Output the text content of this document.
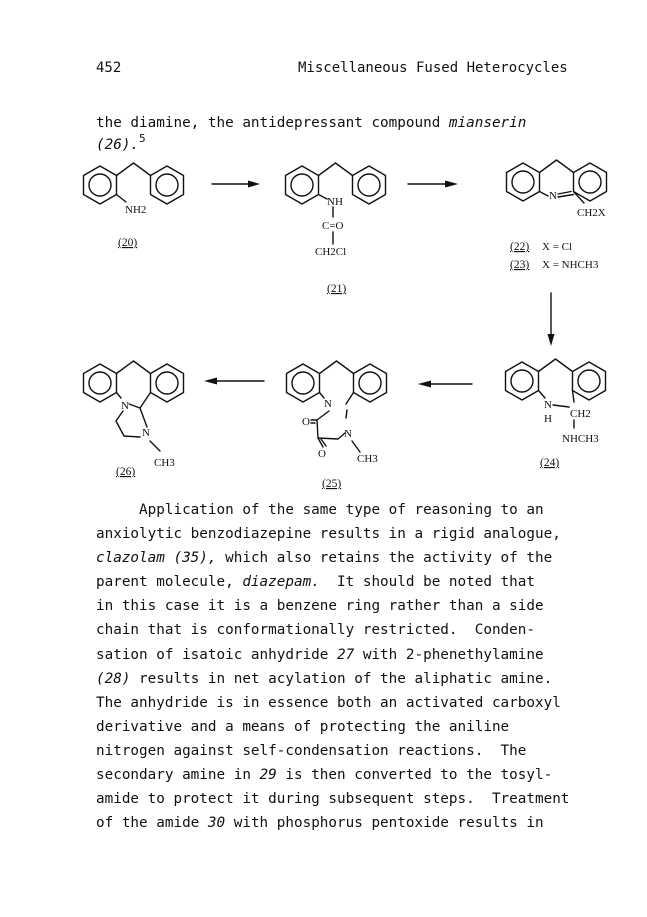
452	Miscellaneous Fused Heterocycles
the diamine, the antidepressant compound mianserin
(26).$^5$
NH2
NH
C=O
CH2Cl
N
CH2X
N
H CH2
NHCH3
N
O
O
N
CH3
N
N
CH3
(20)
(21)
(22) X = Cl
(23) X = NHCH3
(24)
(25)
(26)
Application of the same type of reasoning to an
anxiolytic benzodiazepine results in a rigid analogue,
clazolam (35), which also retains the activity of the
parent molecule, diazepam.  It should be noted that
in this case it is a benzene ring rather than a side
chain that is conformationally restricted.  Conden-
sation of isatoic anhydride 27 with 2-phenethylamine
(28) results in net acylation of the aliphatic amine.
The anhydride is in essence both an activated carboxyl
derivative and a means of protecting the aniline
nitrogen against self-condensation reactions.  The
secondary amine in 29 is then converted to the tosyl-
amide to protect it during subsequent steps.  Treatment
of the amide 30 with phosphorus pentoxide results in
